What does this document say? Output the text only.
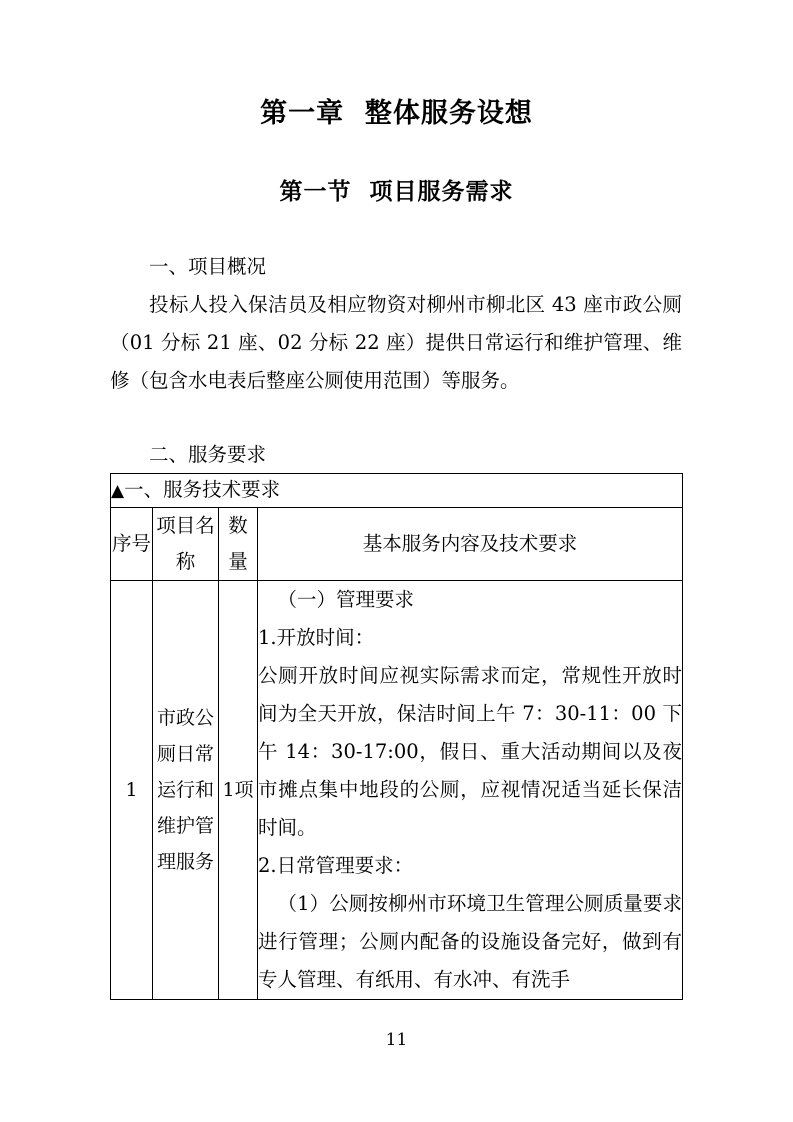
第一章  整体服务设想
第一节  项目服务需求
一、项目概况
投标人投入保洁员及相应物资对柳州市柳北区 43 座市政公厕（01 分标 21 座、02 分标 22 座）提供日常运行和维护管理、维修（包含水电表后整座公厕使用范围）等服务。
二、服务要求
▲一、服务技术要求			
序号	项目名称	数量	基本服务内容及技术要求
1	市政公厕日常运行和维护管理服务	1项	（一）管理要求

1.开放时间：

公厕开放时间应视实际需求而定，常规性开放时间为全天开放，保洁时间上午 7：30-11：00 下午 14：30-17:00，假日、重大活动期间以及夜市摊点集中地段的公厕，应视情况适当延长保洁时间。

2.日常管理要求：

（1）公厕按柳州市环境卫生管理公厕质量要求进行管理；公厕内配备的设施设备完好，做到有专人管理、有纸用、有水冲、有洗手

11
